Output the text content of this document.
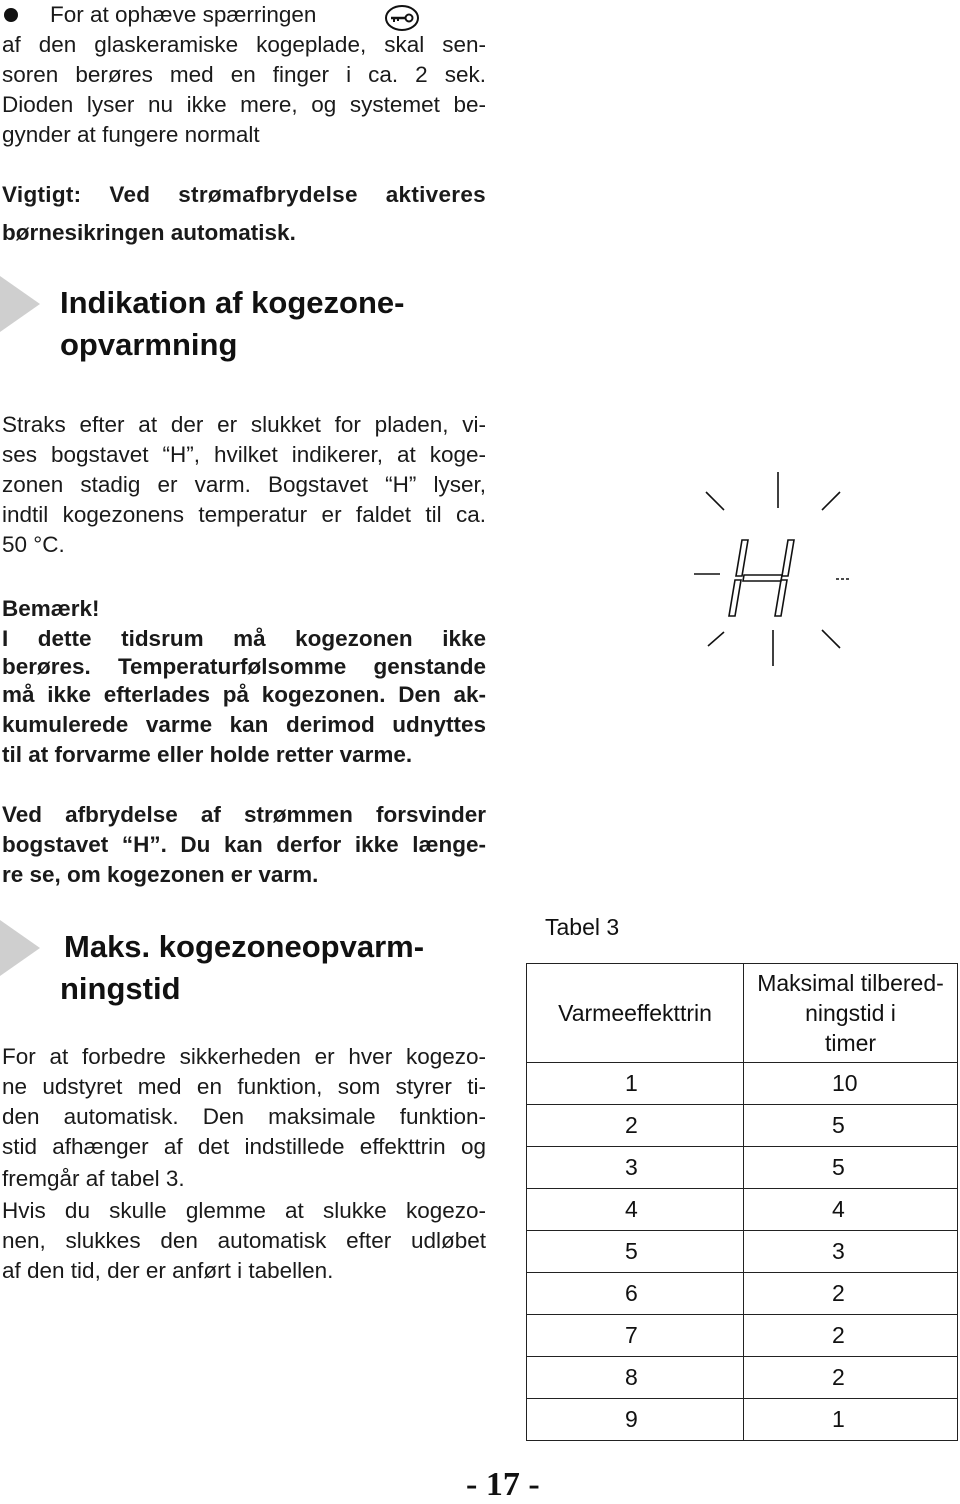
For at ophæve spærringen
af den glaskeramiske kogeplade, skal sen-
soren berøres med en finger i ca. 2 sek.
Dioden lyser nu ikke mere, og systemet be-
gynder at fungere normalt
Vigtigt: Ved strømafbrydelse aktiveres
børnesikringen automatisk.
Indikation af kogezone-
opvarmning
Straks efter at der er slukket for pladen, vi-
ses bogstavet “H”, hvilket indikerer, at koge-
zonen stadig er varm. Bogstavet “H” lyser,
indtil kogezonens temperatur er faldet til ca.
50 °C.
Bemærk!
I dette tidsrum må kogezonen ikke
berøres. Temperaturfølsomme genstande
må ikke efterlades på kogezonen. Den ak-
kumulerede varme kan derimod udnyttes
til at forvarme eller holde retter varme.
Ved afbrydelse af strømmen forsvinder
bogstavet “H”. Du kan derfor ikke længe-
re se, om kogezonen er varm.
H
Maks. kogezoneopvarm-
ningstid
For at forbedre sikkerheden er hver kogezo-
ne udstyret med en funktion, som styrer ti-
den automatisk. Den maksimale funktion-
stid afhænger af det indstillede effekttrin og
fremgår af tabel 3.
Hvis du skulle glemme at slukke kogezo-
nen, slukkes den automatisk efter udløbet
af den tid, der er anført i tabellen.
Tabel 3
Varmeeffekttrin	Maksimal tilbered-
ningstid i
timer

1	10
2	5
3	5
4	4
5	3
6	2
7	2
8	2
9	1
- 17 -
